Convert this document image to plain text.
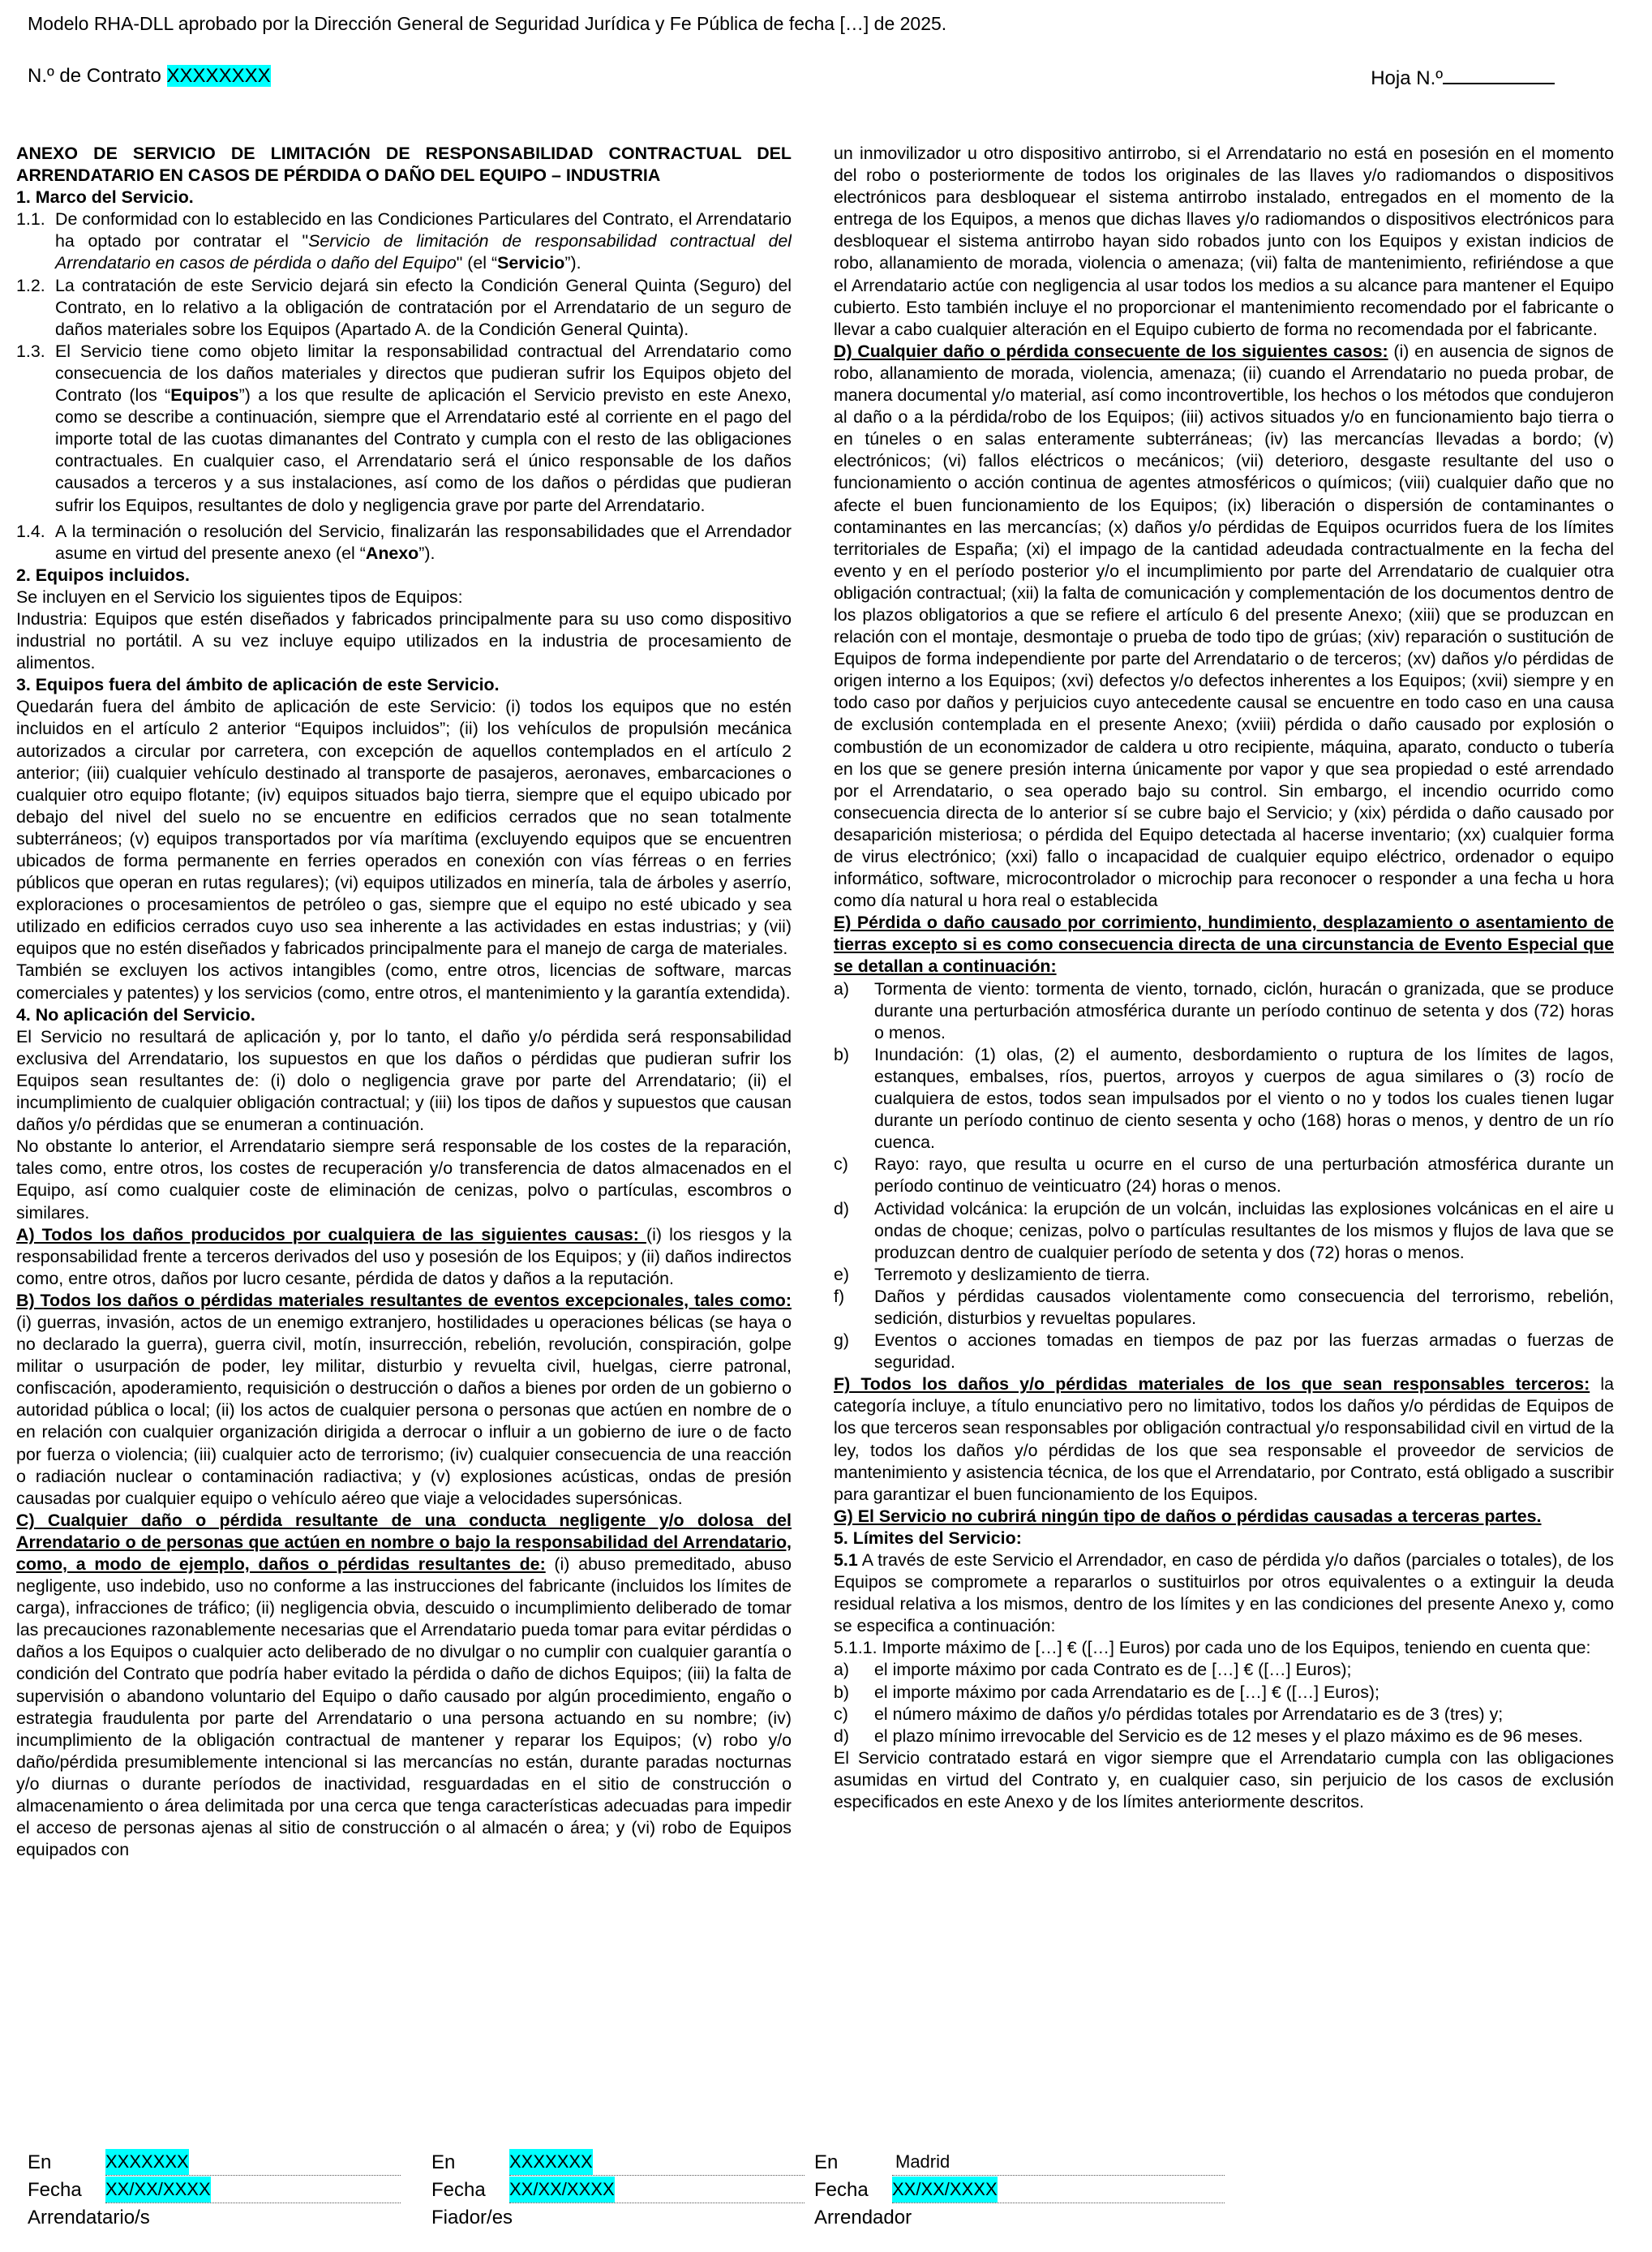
Modelo RHA-DLL aprobado por la Dirección General de Seguridad Jurídica y Fe Pública de fecha […] de 2025.
N.º de Contrato XXXXXXXX	Hoja N.º

ANEXO DE SERVICIO DE LIMITACIÓN DE RESPONSABILIDAD CONTRACTUAL DEL ARRENDATARIO EN CASOS DE PÉRDIDA O DAÑO DEL EQUIPO – INDUSTRIA

1. Marco del Servicio.

1.1. De conformidad con lo establecido en las Condiciones Particulares del Contrato, el Arrendatario ha optado por contratar el "Servicio de limitación de responsabilidad contractual del Arrendatario en casos de pérdida o daño del Equipo" (el “Servicio”).
1.2. La contratación de este Servicio dejará sin efecto la Condición General Quinta (Seguro) del Contrato, en lo relativo a la obligación de contratación por el Arrendatario de un seguro de daños materiales sobre los Equipos (Apartado A. de la Condición General Quinta).
1.3. El Servicio tiene como objeto limitar la responsabilidad contractual del Arrendatario como consecuencia de los daños materiales y directos que pudieran sufrir los Equipos objeto del Contrato (los “Equipos”) a los que resulte de aplicación el Servicio previsto en este Anexo, como se describe a continuación, siempre que el Arrendatario esté al corriente en el pago del importe total de las cuotas dimanantes del Contrato y cumpla con el resto de las obligaciones contractuales. En cualquier caso, el Arrendatario será el único responsable de los daños causados a terceros y a sus instalaciones, así como de los daños o pérdidas que pudieran sufrir los Equipos, resultantes de dolo y negligencia grave por parte del Arrendatario.
1.4. A la terminación o resolución del Servicio, finalizarán las responsabilidades que el Arrendador asume en virtud del presente anexo (el “Anexo”).

2. Equipos incluidos.

Se incluyen en el Servicio los siguientes tipos de Equipos:

Industria: Equipos que estén diseñados y fabricados principalmente para su uso como dispositivo industrial no portátil. A su vez incluye equipo utilizados en la industria de procesamiento de alimentos.

3. Equipos fuera del ámbito de aplicación de este Servicio.

Quedarán fuera del ámbito de aplicación de este Servicio: (i) todos los equipos que no estén incluidos en el artículo 2 anterior “Equipos incluidos”; (ii) los vehículos de propulsión mecánica autorizados a circular por carretera, con excepción de aquellos contemplados en el artículo 2 anterior; (iii) cualquier vehículo destinado al transporte de pasajeros, aeronaves, embarcaciones o cualquier otro equipo flotante; (iv) equipos situados bajo tierra, siempre que el equipo ubicado por debajo del nivel del suelo no se encuentre en edificios cerrados que no sean totalmente subterráneos; (v) equipos transportados por vía marítima (excluyendo equipos que se encuentren ubicados de forma permanente en ferries operados en conexión con vías férreas o en ferries públicos que operan en rutas regulares); (vi) equipos utilizados en minería, tala de árboles y aserrío, exploraciones o procesamientos de petróleo o gas, siempre que el equipo no esté ubicado y sea utilizado en edificios cerrados cuyo uso sea inherente a las actividades en estas industrias; y (vii) equipos que no estén diseñados y fabricados principalmente para el manejo de carga de materiales.

También se excluyen los activos intangibles (como, entre otros, licencias de software, marcas comerciales y patentes) y los servicios (como, entre otros, el mantenimiento y la garantía extendida).

4. No aplicación del Servicio.

El Servicio no resultará de aplicación y, por lo tanto, el daño y/o pérdida será responsabilidad exclusiva del Arrendatario, los supuestos en que los daños o pérdidas que pudieran sufrir los Equipos sean resultantes de: (i) dolo o negligencia grave por parte del Arrendatario; (ii) el incumplimiento de cualquier obligación contractual; y (iii) los tipos de daños y supuestos que causan daños y/o pérdidas que se enumeran a continuación.

No obstante lo anterior, el Arrendatario siempre será responsable de los costes de la reparación, tales como, entre otros, los costes de recuperación y/o transferencia de datos almacenados en el Equipo, así como cualquier coste de eliminación de cenizas, polvo o partículas, escombros o similares.

A) Todos los daños producidos por cualquiera de las siguientes causas: (i) los riesgos y la responsabilidad frente a terceros derivados del uso y posesión de los Equipos; y (ii) daños indirectos como, entre otros, daños por lucro cesante, pérdida de datos y daños a la reputación.

B) Todos los daños o pérdidas materiales resultantes de eventos excepcionales, tales como: (i) guerras, invasión, actos de un enemigo extranjero, hostilidades u operaciones bélicas (se haya o no declarado la guerra), guerra civil, motín, insurrección, rebelión, revolución, conspiración, golpe militar o usurpación de poder, ley militar, disturbio y revuelta civil, huelgas, cierre patronal, confiscación, apoderamiento, requisición o destrucción o daños a bienes por orden de un gobierno o autoridad pública o local; (ii) los actos de cualquier persona o personas que actúen en nombre de o en relación con cualquier organización dirigida a derrocar o influir a un gobierno de iure o de facto por fuerza o violencia; (iii) cualquier acto de terrorismo; (iv) cualquier consecuencia de una reacción o radiación nuclear o contaminación radiactiva; y (v) explosiones acústicas, ondas de presión causadas por cualquier equipo o vehículo aéreo que viaje a velocidades supersónicas.

C) Cualquier daño o pérdida resultante de una conducta negligente y/o dolosa del Arrendatario o de personas que actúen en nombre o bajo la responsabilidad del Arrendatario, como, a modo de ejemplo, daños o pérdidas resultantes de: (i) abuso premeditado, abuso negligente, uso indebido, uso no conforme a las instrucciones del fabricante (incluidos los límites de carga), infracciones de tráfico; (ii) negligencia obvia, descuido o incumplimiento deliberado de tomar las precauciones razonablemente necesarias que el Arrendatario pueda tomar para evitar pérdidas o daños a los Equipos o cualquier acto deliberado de no divulgar o no cumplir con cualquier garantía o condición del Contrato que podría haber evitado la pérdida o daño de dichos Equipos; (iii) la falta de supervisión o abandono voluntario del Equipo o daño causado por algún procedimiento, engaño o estrategia fraudulenta por parte del Arrendatario o una persona actuando en su nombre; (iv) incumplimiento de la obligación contractual de mantener y reparar los Equipos; (v) robo y/o daño/pérdida presumiblemente intencional si las mercancías no están, durante paradas nocturnas y/o diurnas o durante períodos de inactividad, resguardadas en el sitio de construcción o almacenamiento o área delimitada por una cerca que tenga características adecuadas para impedir el acceso de personas ajenas al sitio de construcción o al almacén o área; y (vi) robo de Equipos equipados con

un inmovilizador u otro dispositivo antirrobo, si el Arrendatario no está en posesión en el momento del robo o posteriormente de todos los originales de las llaves y/o radiomandos o dispositivos electrónicos para desbloquear el sistema antirrobo instalado, entregados en el momento de la entrega de los Equipos, a menos que dichas llaves y/o radiomandos o dispositivos electrónicos para desbloquear el sistema antirrobo hayan sido robados junto con los Equipos y existan indicios de robo, allanamiento de morada, violencia o amenaza; (vii) falta de mantenimiento, refiriéndose a que el Arrendatario actúe con negligencia al usar todos los medios a su alcance para mantener el Equipo cubierto. Esto también incluye el no proporcionar el mantenimiento recomendado por el fabricante o llevar a cabo cualquier alteración en el Equipo cubierto de forma no recomendada por el fabricante.

D) Cualquier daño o pérdida consecuente de los siguientes casos: (i) en ausencia de signos de robo, allanamiento de morada, violencia, amenaza; (ii) cuando el Arrendatario no pueda probar, de manera documental y/o material, así como incontrovertible, los hechos o los métodos que condujeron al daño o a la pérdida/robo de los Equipos; (iii) activos situados y/o en funcionamiento bajo tierra o en túneles o en salas enteramente subterráneas; (iv) las mercancías llevadas a bordo; (v) electrónicos; (vi) fallos eléctricos o mecánicos; (vii) deterioro, desgaste resultante del uso o funcionamiento o acción continua de agentes atmosféricos o químicos; (viii) cualquier daño que no afecte el buen funcionamiento de los Equipos; (ix) liberación o dispersión de contaminantes o contaminantes en las mercancías; (x) daños y/o pérdidas de Equipos ocurridos fuera de los límites territoriales de España; (xi) el impago de la cantidad adeudada contractualmente en la fecha del evento y en el período posterior y/o el incumplimiento por parte del Arrendatario de cualquier otra obligación contractual; (xii) la falta de comunicación y complementación de los documentos dentro de los plazos obligatorios a que se refiere el artículo 6 del presente Anexo; (xiii) que se produzcan en relación con el montaje, desmontaje o prueba de todo tipo de grúas; (xiv) reparación o sustitución de Equipos de forma independiente por parte del Arrendatario o de terceros; (xv) daños y/o pérdidas de origen interno a los Equipos; (xvi) defectos y/o defectos inherentes a los Equipos; (xvii) siempre y en todo caso por daños y perjuicios cuyo antecedente causal se encuentre en todo caso en una causa de exclusión contemplada en el presente Anexo; (xviii) pérdida o daño causado por explosión o combustión de un economizador de caldera u otro recipiente, máquina, aparato, conducto o tubería en los que se genere presión interna únicamente por vapor y que sea propiedad o esté arrendado por el Arrendatario, o sea operado bajo su control. Sin embargo, el incendio ocurrido como consecuencia directa de lo anterior sí se cubre bajo el Servicio; y (xix) pérdida o daño causado por desaparición misteriosa; o pérdida del Equipo detectada al hacerse inventario; (xx) cualquier forma de virus electrónico; (xxi) fallo o incapacidad de cualquier equipo eléctrico, ordenador o equipo informático, software, microcontrolador o microchip para reconocer o responder a una fecha u hora como día natural u hora real o establecida

E) Pérdida o daño causado por corrimiento, hundimiento, desplazamiento o asentamiento de tierras excepto si es como consecuencia directa de una circunstancia de Evento Especial que se detallan a continuación:

a)	Tormenta de viento: tormenta de viento, tornado, ciclón, huracán o granizada, que se produce durante una perturbación atmosférica durante un período continuo de setenta y dos (72) horas o menos.
b)	Inundación: (1) olas, (2) el aumento, desbordamiento o ruptura de los límites de lagos, estanques, embalses, ríos, puertos, arroyos y cuerpos de agua similares o (3) rocío de cualquiera de estos, todos sean impulsados por el viento o no y todos los cuales tienen lugar durante un período continuo de ciento sesenta y ocho (168) horas o menos, y dentro de un río cuenca.
c)	Rayo: rayo, que resulta u ocurre en el curso de una perturbación atmosférica durante un período continuo de veinticuatro (24) horas o menos.
d)	Actividad volcánica: la erupción de un volcán, incluidas las explosiones volcánicas en el aire u ondas de choque; cenizas, polvo o partículas resultantes de los mismos y flujos de lava que se produzcan dentro de cualquier período de setenta y dos (72) horas o menos.
e)	Terremoto y deslizamiento de tierra.
f)	Daños y pérdidas causados violentamente como consecuencia del terrorismo, rebelión, sedición, disturbios y revueltas populares.
g)	Eventos o acciones tomadas en tiempos de paz por las fuerzas armadas o fuerzas de seguridad.

F) Todos los daños y/o pérdidas materiales de los que sean responsables terceros: la categoría incluye, a título enunciativo pero no limitativo, todos los daños y/o pérdidas de Equipos de los que terceros sean responsables por obligación contractual y/o responsabilidad civil en virtud de la ley, todos los daños y/o pérdidas de los que sea responsable el proveedor de servicios de mantenimiento y asistencia técnica, de los que el Arrendatario, por Contrato, está obligado a suscribir para garantizar el buen funcionamiento de los Equipos.

G) El Servicio no cubrirá ningún tipo de daños o pérdidas causadas a terceras partes.

5. Límites del Servicio:

5.1 A través de este Servicio el Arrendador, en caso de pérdida y/o daños (parciales o totales), de los Equipos se compromete a repararlos o sustituirlos por otros equivalentes o a extinguir la deuda residual relativa a los mismos, dentro de los límites y en las condiciones del presente Anexo y, como se especifica a continuación:

5.1.1. Importe máximo de […] € ([…] Euros) por cada uno de los Equipos, teniendo en cuenta que:

a)	el importe máximo por cada Contrato es de […] € ([…] Euros);
b)	el importe máximo por cada Arrendatario es de […] € ([…] Euros);
c)	el número máximo de daños y/o pérdidas totales por Arrendatario es de 3 (tres) y;
d)	el plazo mínimo irrevocable del Servicio es de 12 meses y el plazo máximo es de 96 meses.

El Servicio contratado estará en vigor siempre que el Arrendatario cumpla con las obligaciones asumidas en virtud del Contrato y, en cualquier caso, sin perjuicio de los casos de exclusión especificados en este Anexo y de los límites anteriormente descritos.

En	XXXXXXX
Fecha	XX/XX/XXXX
Arrendatario/s
En	XXXXXXX
Fecha	XX/XX/XXXX
Fiador/es
En	Madrid
Fecha	XX/XX/XXXX
Arrendador
